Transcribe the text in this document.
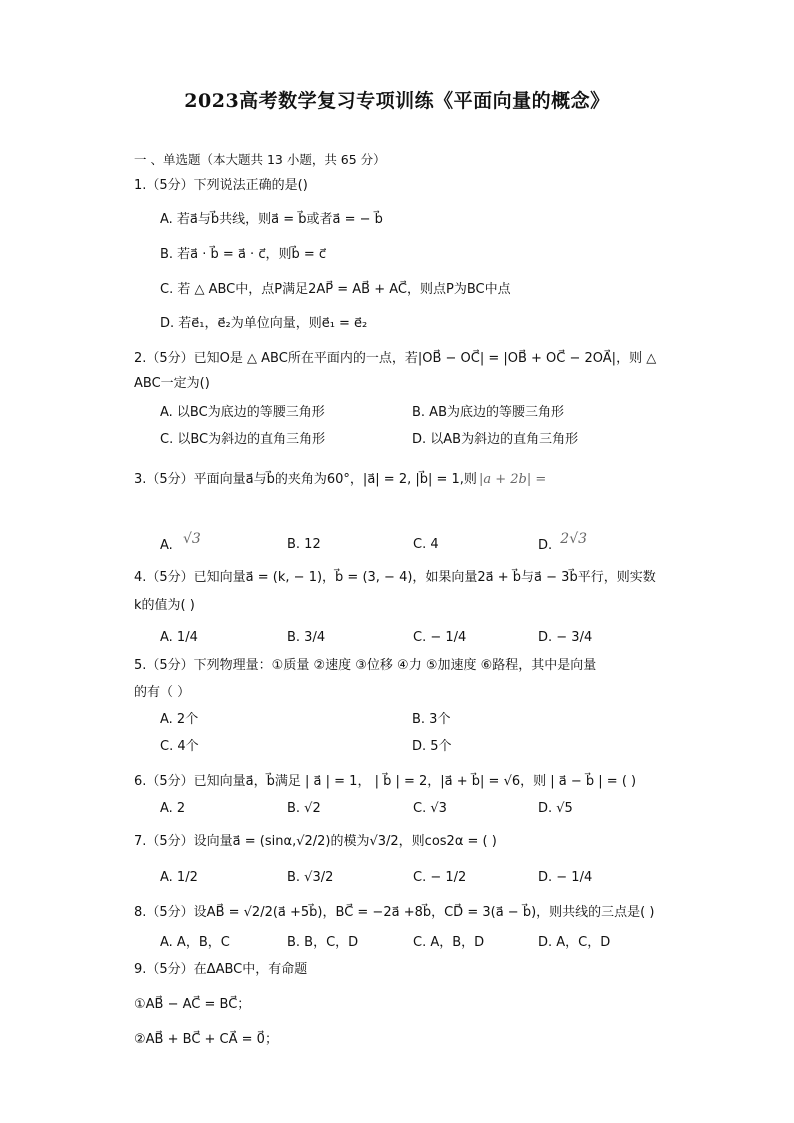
2023高考数学复习专项训练《平面向量的概念》
一 、单选题（本大题共 13 小题，共 65 分）
1.（5分）下列说法正确的是()
A. 若a⃗与b⃗共线，则a⃗ = b⃗或者a⃗ = − b⃗
B. 若a⃗ · b⃗ = a⃗ · c⃗，则b⃗ = c⃗
C. 若 △ ABC中，点P满足2AP⃗ = AB⃗ + AC⃗，则点P为BC中点
D. 若e⃗₁，e⃗₂为单位向量，则e⃗₁ = e⃗₂
2.（5分）已知O是 △ ABC所在平面内的一点，若|OB⃗ − OC⃗| = |OB⃗ + OC⃗ − 2OA⃗|，则 △
ABC一定为()
A. 以BC为底边的等腰三角形	B. AB为底边的等腰三角形
C. 以BC为斜边的直角三角形	D. 以AB为斜边的直角三角形
3.（5分）平面向量a⃗与b⃗的夹角为60°，|a⃗| = 2, |b⃗| = 1,则 |a + 2b| =
A. √3	B. 12	C. 4	D. 2√3
4.（5分）已知向量a⃗ = (k, − 1)，b⃗ = (3, − 4)，如果向量2a⃗ + b⃗与a⃗ − 3b⃗平行，则实数
k的值为( )
A. 1/4	B. 3/4	C. − 1/4	D. − 3/4
5.（5分）下列物理量：①质量 ②速度 ③位移 ④力 ⑤加速度 ⑥路程，其中是向量
的有（ ）
A. 2个	B. 3个
C. 4个	D. 5个
6.（5分）已知向量a⃗，b⃗满足 | a⃗ | = 1， | b⃗ | = 2，|a⃗ + b⃗| = √6，则 | a⃗ − b⃗ | = ( )
A. 2	B. √2	C. √3	D. √5
7.（5分）设向量a⃗ = (sinα,√2/2)的模为√3/2，则cos2α = ( )
A. 1/2	B. √3/2	C. − 1/2	D. − 1/4
8.（5分）设AB⃗ = √2/2(a⃗ +5b⃗)，BC⃗ = −2a⃗ +8b⃗，CD⃗ = 3(a⃗ − b⃗)，则共线的三点是( )
A. A，B，C	B. B，C，D	C. A，B，D	D. A，C，D
9.（5分）在ΔABC中，有命题
①AB⃗ − AC⃗ = BC⃗；
②AB⃗ + BC⃗ + CA⃗ = 0⃗；
